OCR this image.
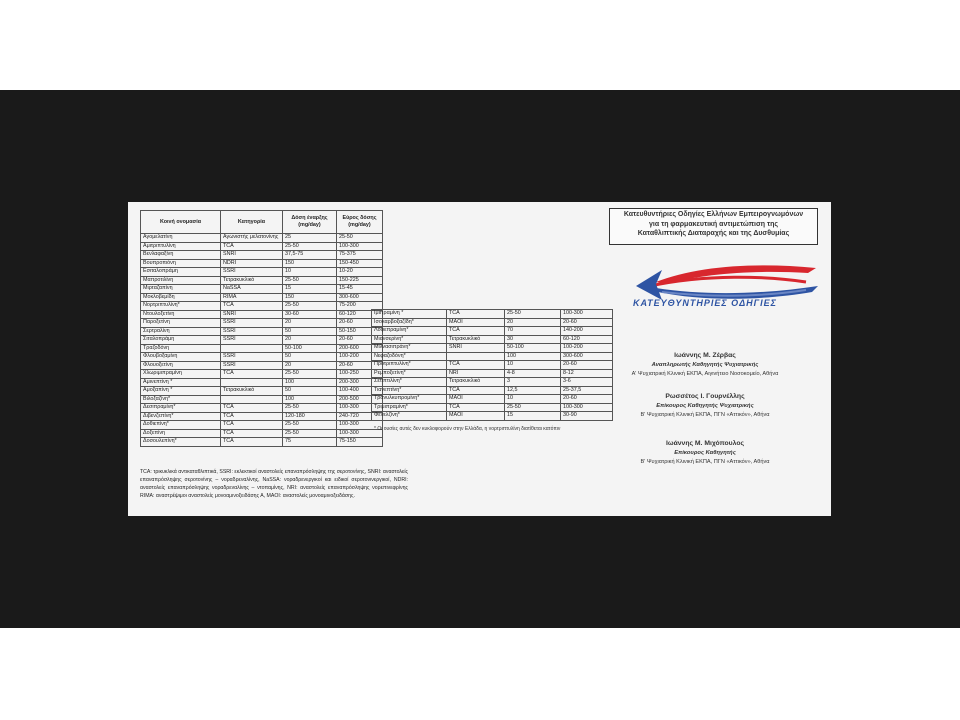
Κοινή ονομασία	Κατηγορία	Δόση έναρξης (mg/day)	Εύρος δόσης (mg/day)
Αγομελατίνη	Αγωνιστής μελατονίνης	25	25-50
Αμιτριπτυλίνη	TCA	25-50	100-300
Βενλαφαξίνη	SNRI	37,5-75	75-375
Βουπροπιόνη	NDRI	150	150-450
Εσιταλοπράμη	SSRI	10	10-20
Μαπροτιλίνη	Τετρακυκλικό	25-50	150-225
Μιρταζαπίνη	NaSSA	15	15-45
Μοκλοβεμίδη	RIMA	150	300-600
Νορτριπτυλίνη*	TCA	25-50	75-200
Ντουλοξετίνη	SNRI	30-60	60-120
Παροξετίνη	SSRI	20	20-60
Σερτραλίνη	SSRI	50	50-150
Σιταλοπράμη	SSRI	20	20-60
Τραζοδόνη		50-100	200-600
Φλουβοξαμίνη	SSRI	50	100-200
Φλουοξετίνη	SSRI	20	20-60
Χλωριμιπραμίνη	TCA	25-50	100-250
Αμινεπτίνη *		100	200-300
Αμοξαπίνη *	Τετρακυκλικό	50	100-400
Βιλοξαζίνη*		100	200-500
Δεσιπραμίνη*	TCA	25-50	100-300
Διβενζεπίνη*	TCA	120-180	240-720
Δοθιεπίνη*	TCA	25-50	100-300
Δοξεπίνη	TCA	25-50	100-300
Δοσουλεπίνη*	TCA	75	75-150
Ιμιπραμίνη *	TCA	25-50	100-300
Ισοκαρβοξαζίδη*	MAOI	20	20-60
Λοφεπραμίνη*	TCA	70	140-200
Μιανσερίνη*	Τετρακυκλικό	30	60-120
Μιλνασιπράνη*	SNRI	50-100	100-200
Νεφαζοδόνη*		100	300-600
Προτριπτυλίνη*	TCA	10	20-60
Ρεμποξετίνη*	NRI	4-8	8-12
Σετιπτιλίνη*	Τετρακυκλικό	3	3-6
Τιανεπτίνη*	TCA	12,5	25-37,5
Τρανυλκυπρομίνη*	MAOI	10	20-60
Τριμιπραμίνη*	TCA	25-50	100-300
Φενελζίνη*	MAOI	15	30-90
* Οι ουσίες αυτές δεν κυκλοφορούν στην Ελλάδα, η νορτριπτυλίνη διατίθεται κατόπιν
TCA: τρικυκλικά αντικαταθλιπτικά, SSRI: εκλεκτικοί αναστολείς επαναπρόσληψης της σεροτονίνης, SNRI: αναστολείς επαναπρόσληψης σεροτονίνης – νοραδρεναλίνης, NaSSA: νοραδρενεργικοί και ειδικοί σεροτονινεργικοί, NDRI: αναστολείς επαναπρόσληψης νοραδρεναλίνης – ντοπαμίνης, NRI: αναστολείς επαναπρόσληψης νορεπινεφρίνης RIMA: αναστρέψιμοι αναστολείς μονοαμινοξειδάσης Α, MAOI: αναστολείς μονοαμινοξειδάσης.
Κατευθυντήριες Οδηγίες Ελλήνων Εμπειρογνωμόνων
για τη φαρμακευτική αντιμετώπιση της
Καταθλιπτικής Διαταραχής και της Δυσθυμίας
ΚΑΤΕΥΘΥΝΤΗΡΙΕΣ ΟΔΗΓΙΕΣ
Ιωάννης Μ. Ζέρβας
Αναπληρωτής Καθηγητής Ψυχιατρικής
Α' Ψυχιατρική Κλινική ΕΚΠΑ, Αιγινήτειο Νοσοκομείο, Αθήνα
Ρωσσέτος Ι. Γουρνέλλης
Επίκουρος Καθηγητής Ψυχιατρικής
Β' Ψυχιατρική Κλινική ΕΚΠΑ, ΠΓΝ «Αττικόν», Αθήνα
Ιωάννης Μ. Μιχόπουλος
Επίκουρος Καθηγητής
Β' Ψυχιατρική Κλινική ΕΚΠΑ, ΠΓΝ «Αττικόν», Αθήνα
